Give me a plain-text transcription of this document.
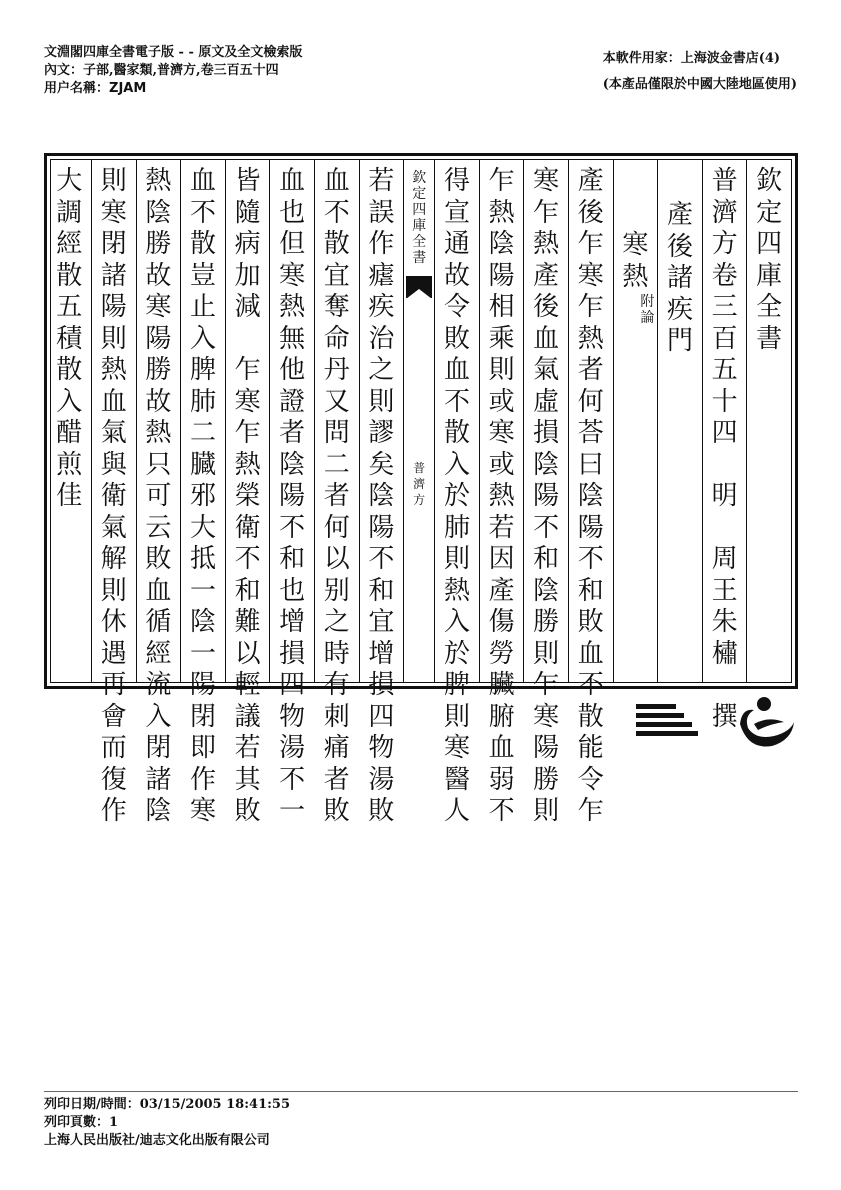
文淵閣四庫全書電子版 - - 原文及全文檢索版
內文：子部,醫家類,普濟方,卷三百五十四
用户名稱：ZJAM
本軟件用家：上海波金書店(4)
(本產品僅限於中國大陸地區使用)
欽
定
四
庫
全
書
普
濟
方
卷
三
百
五
十
四

明

周
王
朱
橚

撰
產
後
諸
疾
門
寒
熱
附
論
產
後
乍
寒
乍
熱
者
何
荅
曰
陰
陽
不
和
敗
血
不
散
能
令
乍
寒
乍
熱
產
後
血
氣
虛
損
陰
陽
不
和
陰
勝
則
乍
寒
陽
勝
則
乍
熱
陰
陽
相
乘
則
或
寒
或
熱
若
因
產
傷
勞
臟
腑
血
弱
不
得
宣
通
故
令
敗
血
不
散
入
於
肺
則
熱
入
於
脾
則
寒
醫
人
欽
定
四
庫
全
書
普
濟
方
若
誤
作
瘧
疾
治
之
則
謬
矣
陰
陽
不
和
宜
增
損
四
物
湯
敗
血
不
散
宜
奪
命
丹
又
問
二
者
何
以
别
之
時
有
刺
痛
者
敗
血
也
但
寒
熱
無
他
證
者
陰
陽
不
和
也
增
損
四
物
湯
不
一
皆
隨
病
加
減

乍
寒
乍
熱
榮
衛
不
和
難
以
輕
議
若
其
敗
血
不
散
豈
止
入
脾
肺
二
臓
邪
大
抵
一
陰
一
陽
閉
即
作
寒
熱
陰
勝
故
寒
陽
勝
故
熱
只
可
云
敗
血
循
經
流
入
閉
諸
陰
則
寒
閉
諸
陽
則
熱
血
氣
與
衛
氣
解
則
休
遇
再
會
而
復
作
大
調
經
散
五
積
散
入
醋
煎
佳
列印日期/時間：03/15/2005 18:41:55
列印頁數：1
上海人民出版社/迪志文化出版有限公司
